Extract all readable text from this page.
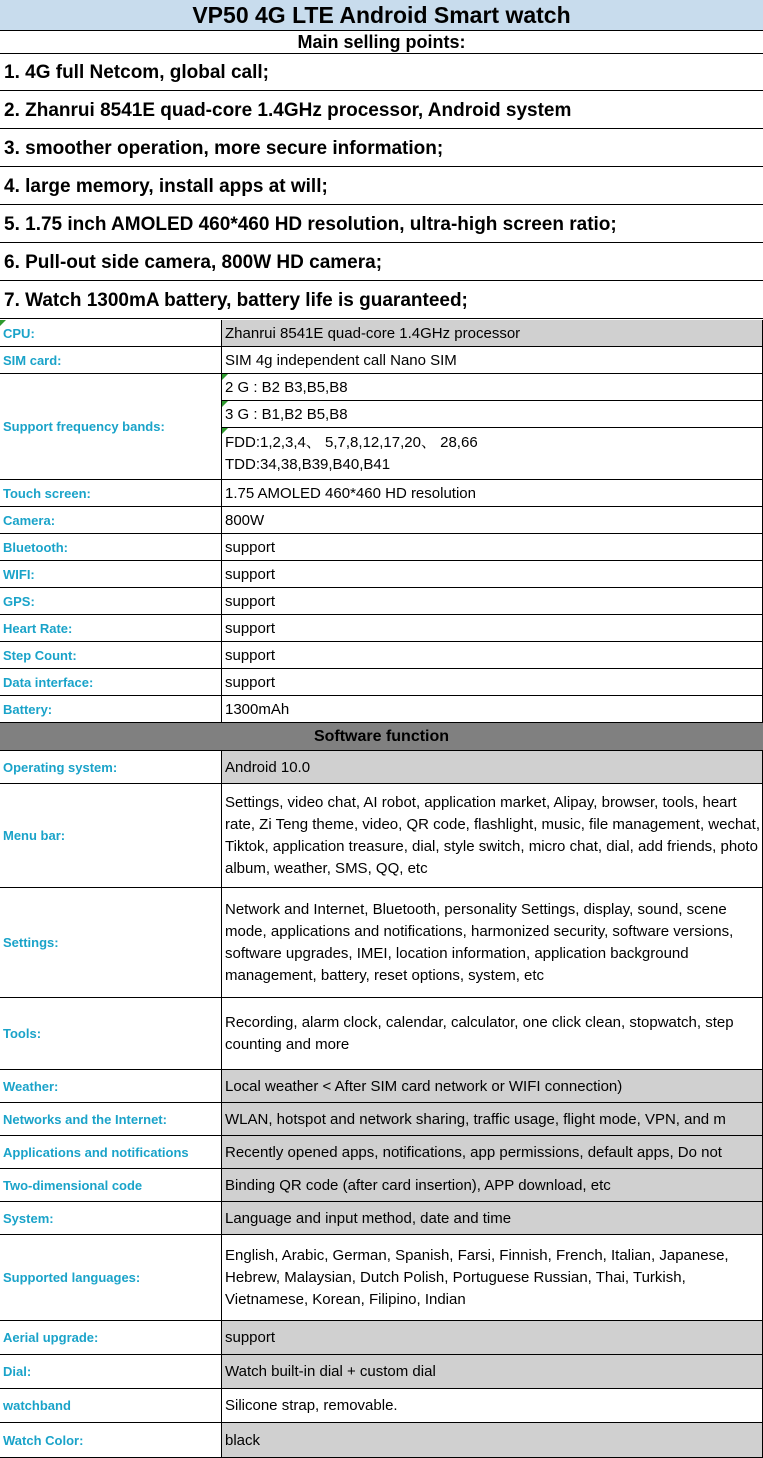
VP50 4G LTE Android Smart watch
Main selling points:
1. 4G full Netcom, global call;
2. Zhanrui 8541E quad-core 1.4GHz processor, Android system
3. smoother operation, more secure information;
4. large memory, install apps at will;
5. 1.75 inch AMOLED 460*460 HD resolution, ultra-high screen ratio;
6. Pull-out side camera, 800W HD camera;
7. Watch 1300mA battery, battery life is guaranteed;
CPU:	Zhanrui 8541E quad-core 1.4GHz processor
SIM card:	SIM 4g independent call Nano SIM
Support frequency bands:
2 G : B2 B3,B5,B8
3 G : B1,B2 B5,B8
FDD:1,2,3,4、 5,7,8,12,17,20、 28,66
TDD:34,38,B39,B40,B41
Touch screen:	1.75 AMOLED 460*460 HD resolution
Camera:	800W
Bluetooth:	support
WIFI:	support
GPS:	support
Heart Rate:	support
Step Count:	support
Data interface:	support
Battery:	1300mAh
Software function
Operating system:	Android 10.0
Menu bar:
Settings, video chat, AI robot, application market, Alipay, browser, tools, heart rate, Zi Teng theme, video, QR code, flashlight, music, file management, wechat, Tiktok, application treasure, dial, style switch, micro chat, dial, add friends, photo album, weather, SMS, QQ, etc
Settings:
Network and Internet, Bluetooth, personality Settings, display, sound, scene mode, applications and notifications, harmonized security, software versions, software upgrades, IMEI, location information, application background management, battery, reset options, system, etc
Tools:
Recording, alarm clock, calendar, calculator, one click clean, stopwatch, step counting and more
Weather:	Local weather < After SIM card network or WIFI connection)
Networks and the Internet:	WLAN, hotspot and network sharing, traffic usage, flight mode, VPN, and m
Applications and notifications	Recently opened apps, notifications, app permissions, default apps, Do not
Two-dimensional code	Binding QR code (after card insertion), APP download, etc
System:	Language and input method, date and time
Supported languages:
English, Arabic, German, Spanish, Farsi, Finnish, French, Italian, Japanese, Hebrew, Malaysian, Dutch Polish, Portuguese Russian, Thai, Turkish, Vietnamese, Korean, Filipino, Indian
Aerial upgrade:	support
Dial:	Watch built-in dial + custom dial
watchband	Silicone strap, removable.
Watch Color:	black
